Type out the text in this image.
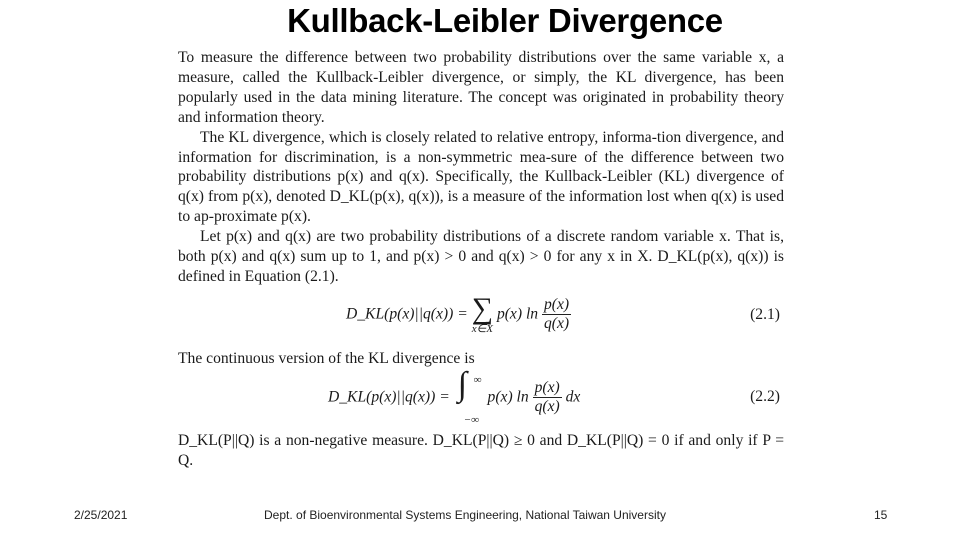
Kullback-Leibler Divergence

To measure the difference between two probability distributions over the same variable x, a measure, called the Kullback-Leibler divergence, or simply, the KL divergence, has been popularly used in the data mining literature. The concept was originated in probability theory and information theory.

The KL divergence, which is closely related to relative entropy, informa-tion divergence, and information for discrimination, is a non-symmetric mea-sure of the difference between two probability distributions p(x) and q(x). Specifically, the Kullback-Leibler (KL) divergence of q(x) from p(x), denoted D_KL(p(x), q(x)), is a measure of the information lost when q(x) is used to ap-proximate p(x).

Let p(x) and q(x) are two probability distributions of a discrete random variable x. That is, both p(x) and q(x) sum up to 1, and p(x) > 0 and q(x) > 0 for any x in X. D_KL(p(x), q(x)) is defined in Equation (2.1).

D_KL(p(x)||q(x)) = ∑
x∈X
p(x) $\ln \frac{p(x)}{q(x)}$	(2.1)

The continuous version of the KL divergence is

D_KL(p(x)||q(x)) = ∫ ∞
−∞
p(x) $\ln \frac{p(x)}{q(x)}$ dx	(2.2)

D_KL(P||Q) is a non-negative measure. D_KL(P||Q) ≥ 0 and D_KL(P||Q) = 0 if and only if P = Q.

2/25/2021	Dept. of Bioenvironmental Systems Engineering, National Taiwan University	15
